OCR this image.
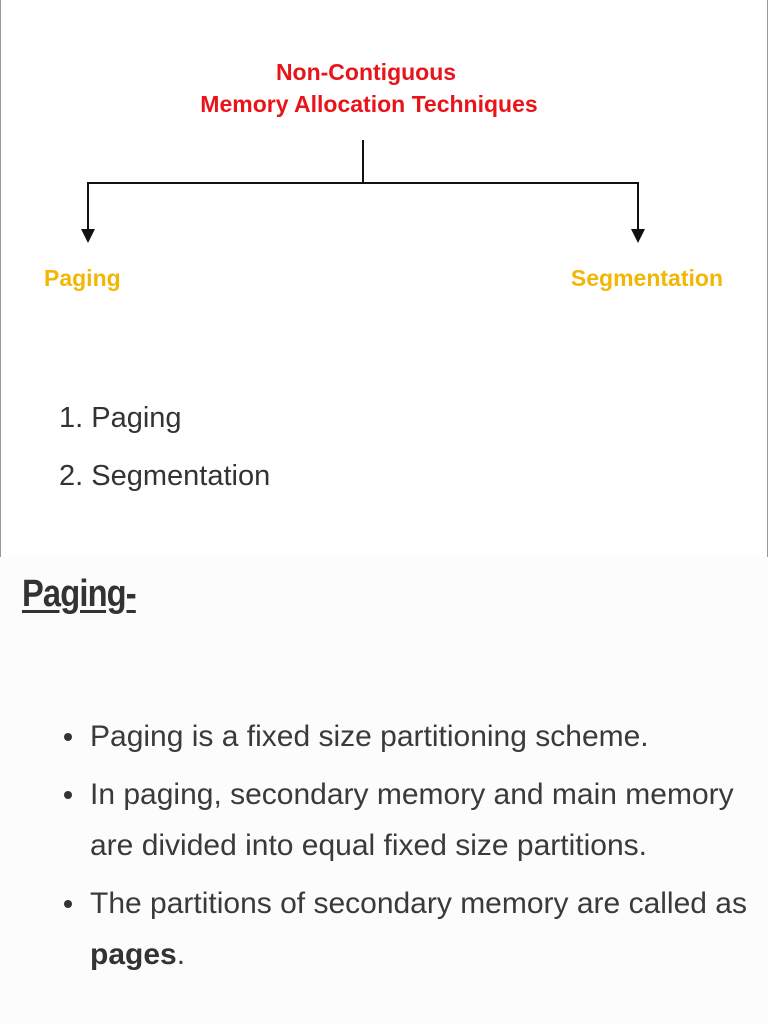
Non-Contiguous
Memory Allocation Techniques
Paging	Segmentation
1. Paging
2. Segmentation
Paging-
Paging is a fixed size partitioning scheme.
In paging, secondary memory and main memory are divided into equal fixed size partitions.
The partitions of secondary memory are called as pages.
